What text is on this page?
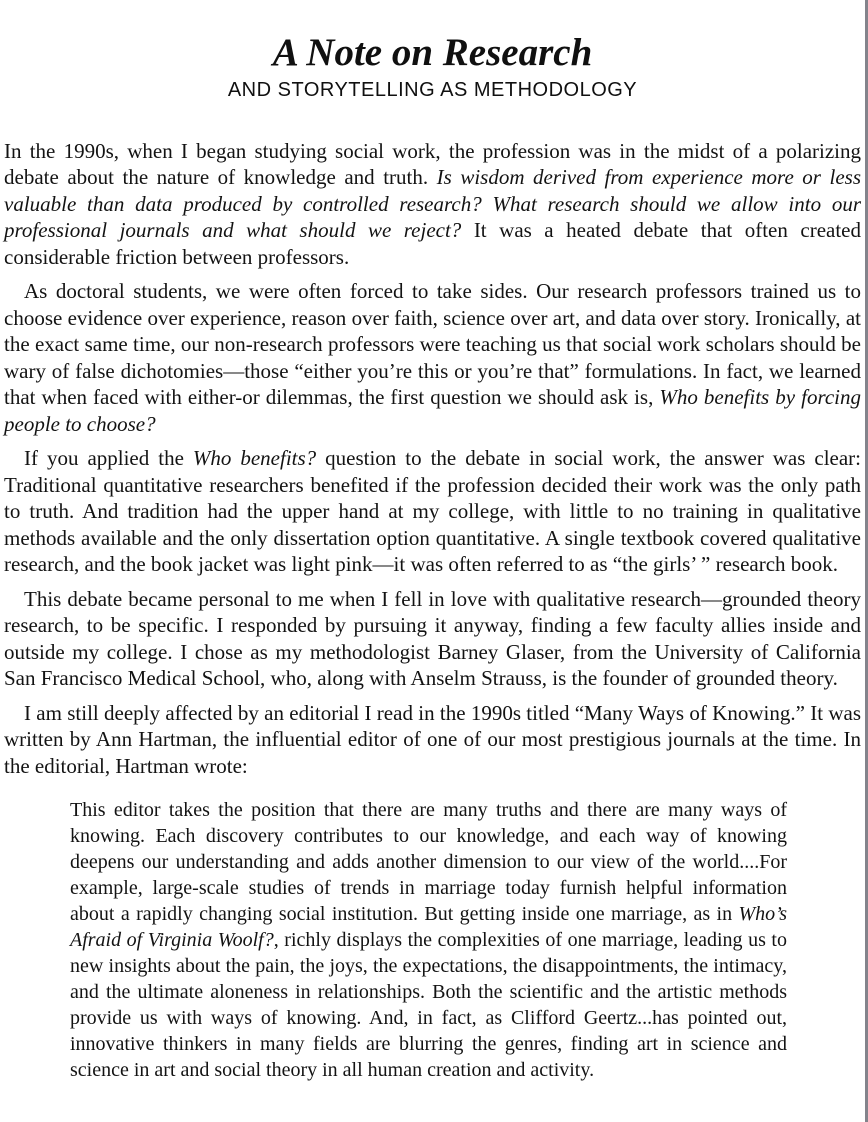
A Note on Research
AND STORYTELLING AS METHODOLOGY

In the 1990s, when I began studying social work, the profession was in the midst of a polarizing debate about the nature of knowledge and truth. Is wisdom derived from experience more or less valuable than data produced by controlled research? What research should we allow into our professional journals and what should we reject? It was a heated debate that often created considerable friction between professors.

As doctoral students, we were often forced to take sides. Our research professors trained us to choose evidence over experience, reason over faith, science over art, and data over story. Ironically, at the exact same time, our non-research professors were teaching us that social work scholars should be wary of false dichotomies—those “either you’re this or you’re that” formulations. In fact, we learned that when faced with either-or dilemmas, the first question we should ask is, Who benefits by forcing people to choose?

If you applied the Who benefits? question to the debate in social work, the answer was clear: Traditional quantitative researchers benefited if the profession decided their work was the only path to truth. And tradition had the upper hand at my college, with little to no training in qualitative methods available and the only dissertation option quantitative. A single textbook covered qualitative research, and the book jacket was light pink—it was often referred to as “the girls’ ” research book.

This debate became personal to me when I fell in love with qualitative research—grounded theory research, to be specific. I responded by pursuing it anyway, finding a few faculty allies inside and outside my college. I chose as my methodologist Barney Glaser, from the University of California San Francisco Medical School, who, along with Anselm Strauss, is the founder of grounded theory.

I am still deeply affected by an editorial I read in the 1990s titled “Many Ways of Knowing.” It was written by Ann Hartman, the influential editor of one of our most prestigious journals at the time. In the editorial, Hartman wrote:

This editor takes the position that there are many truths and there are many ways of knowing. Each discovery contributes to our knowledge, and each way of knowing deepens our understanding and adds another dimension to our view of the world....For example, large-scale studies of trends in marriage today furnish helpful information about a rapidly changing social institution. But getting inside one marriage, as in Who’s Afraid of Virginia Woolf?, richly displays the complexities of one marriage, leading us to new insights about the pain, the joys, the expectations, the disappointments, the intimacy, and the ultimate aloneness in relationships. Both the scientific and the artistic methods provide us with ways of knowing. And, in fact, as Clifford Geertz...has pointed out, innovative thinkers in many fields are blurring the genres, finding art in science and science in art and social theory in all human creation and activity.
